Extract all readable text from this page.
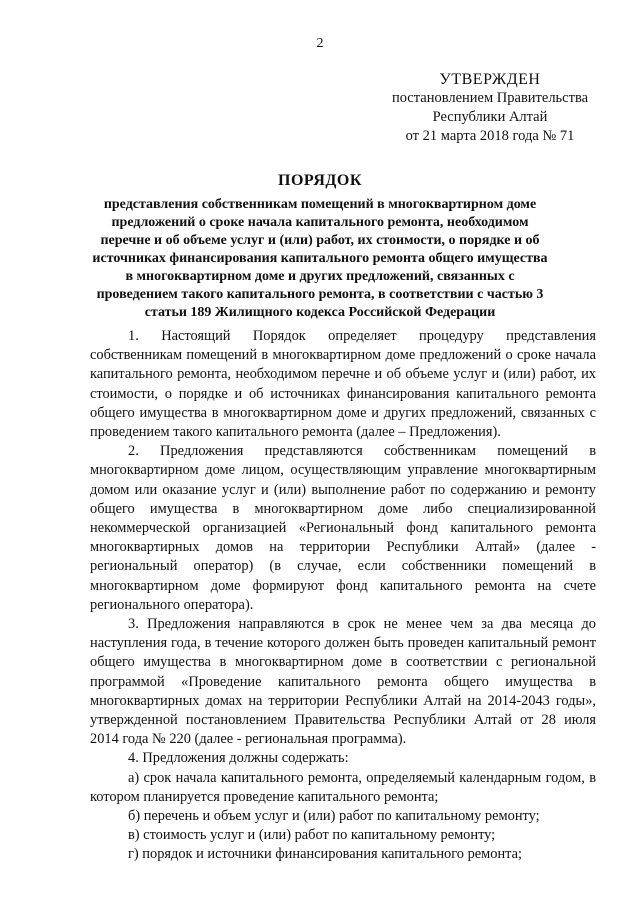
2
УТВЕРЖДЕН
постановлением Правительства
Республики Алтай
от 21 марта 2018 года № 71
ПОРЯДОК
представления собственникам помещений в многоквартирном доме предложений о сроке начала капитального ремонта, необходимом перечне и об объеме услуг и (или) работ, их стоимости, о порядке и об источниках финансирования капитального ремонта общего имущества в многоквартирном доме и других предложений, связанных с проведением такого капитального ремонта, в соответствии с частью 3 статьи 189 Жилищного кодекса Российской Федерации

1. Настоящий Порядок определяет процедуру представления собственникам помещений в многоквартирном доме предложений о сроке начала капитального ремонта, необходимом перечне и об объеме услуг и (или) работ, их стоимости, о порядке и об источниках финансирования капитального ремонта общего имущества в многоквартирном доме и других предложений, связанных с проведением такого капитального ремонта (далее – Предложения).

2. Предложения представляются собственникам помещений в многоквартирном доме лицом, осуществляющим управление многоквартирным домом или оказание услуг и (или) выполнение работ по содержанию и ремонту общего имущества в многоквартирном доме либо специализированной некоммерческой организацией «Региональный фонд капитального ремонта многоквартирных домов на территории Республики Алтай» (далее - региональный оператор) (в случае, если собственники помещений в многоквартирном доме формируют фонд капитального ремонта на счете регионального оператора).

3. Предложения направляются в срок не менее чем за два месяца до наступления года, в течение которого должен быть проведен капитальный ремонт общего имущества в многоквартирном доме в соответствии с региональной программой «Проведение капитального ремонта общего имущества в многоквартирных домах на территории Республики Алтай на 2014-2043 годы», утвержденной постановлением Правительства Республики Алтай от 28 июля 2014 года № 220 (далее - региональная программа).

4. Предложения должны содержать:

а) срок начала капитального ремонта, определяемый календарным годом, в котором планируется проведение капитального ремонта;

б) перечень и объем услуг и (или) работ по капитальному ремонту;

в) стоимость услуг и (или) работ по капитальному ремонту;

г) порядок и источники финансирования капитального ремонта;
